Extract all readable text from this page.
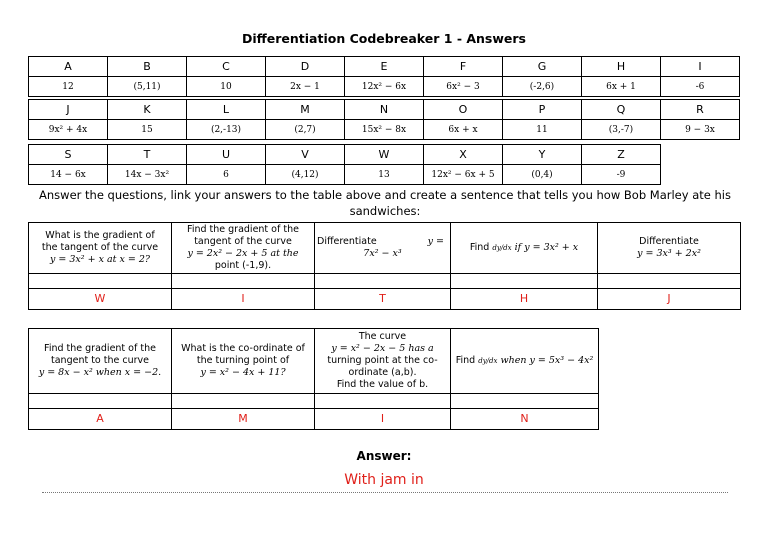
Differentiation Codebreaker 1 - Answers
A	B	C	D	E	F	G	H	I
12	(5,11)	10	2x − 1	12x² − 6x	6x² − 3	(-2,6)	6x + 1	-6
J	K	L	M	N	O	P	Q	R
9x² + 4x	15	(2,-13)	(2,7)	15x² − 8x	6x + x	11	(3,-7)	9 − 3x
S	T	U	V	W	X	Y	Z
14 − 6x	14x − 3x²	6	(4,12)	13	12x² − 6x + 5	(0,4)	-9
Answer the questions, link your answers to the table above and create a sentence that tells you how Bob Marley ate his sandwiches:
What is the gradient of
the tangent of the curve
y = 3x² + x at x = 2?	Find the gradient of the
tangent of the curve
y = 2x² − 2x + 5 at the
point (-1,9).	Differentiate y =
7x² − x³	Find dy/dx if y = 3x² + x	Differentiate
y = 3x³ + 2x²

W	I	T	H	J
Find the gradient of the
tangent to the curve
y = 8x − x² when x = −2.	What is the co-ordinate of
the turning point of
y = x² − 4x + 11?	The curve
y = x² − 2x − 5 has a
turning point at the co-
ordinate (a,b).
Find the value of b.	Find dy/dx when y = 5x³ − 4x²

A	M	I	N
Answer:
With jam in
